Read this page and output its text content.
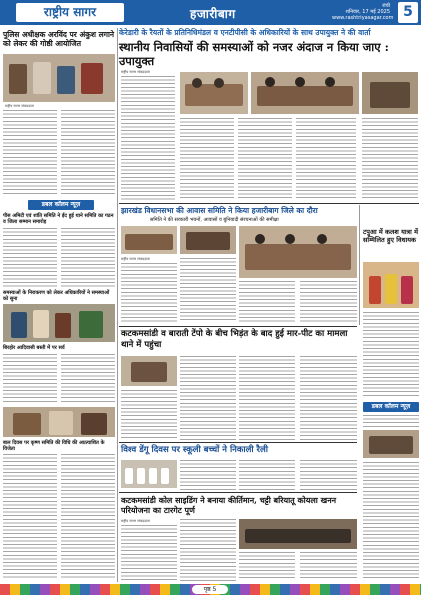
राष्ट्रीय सागर	हजारीबाग
रांची
शनिवार, 17 मई 2025
www.rashtriyasagar.com 5
केरेडारी के रैयतों के प्रतिनिधिमंडल व एनटीपीसी के अधिकारियों के साथ उपायुक्त ने की वार्ता
स्थानीय निवासियों की समस्याओं को नजर अंदाज न किया जाए : उपायुक्त
पुलिस अधीक्षक अरविंद पर अंकुश लगाने को लेकर की गोष्ठी आयोजित
राष्ट्रीय सागर संवाददाता
डबल कॉलम न्यूज़
पीस अमिटी एवं शांति समिति ने ईद हुई थाने समिति का गठन व जिला सम्मान समारोह
समस्याओं के निराकरण को लेकर अधिकारियों ने समस्याओं को सुना
बिरहोर आदिवासी बस्ती में पर सर्व
बाल दिवस पर कृष्ण समिति की विधि की अप्रत्याशित के विजेता
राष्ट्रीय सागर संवाददाता
झारखंड विधानसभा की आवास समिति ने किया हजारीबाग जिले का दौरा
समिति ने की सरकारी भवनों, आवासों व बुनियादी संरचनाओं की समीक्षा
राष्ट्रीय सागर संवाददाता
टपुआ में कलश यात्रा में सम्मिलित हुए विधायक
कटकमसांडी व बाराती टेंपो के बीच भिड़ंत के बाद हुई मार-पीट का मामला थाने में पहुंचा
डबल कॉलम न्यूज़
विश्व डेंगू दिवस पर स्कूली बच्चों ने निकाली रैली
कटकमसांडी कोल साइडिंग ने बनाया कीर्तिमान, चट्टी बरियातू कोयला खनन परियोजना का टारगेट पूर्ण
राष्ट्रीय सागर संवाददाता
पृष्ठ 5
